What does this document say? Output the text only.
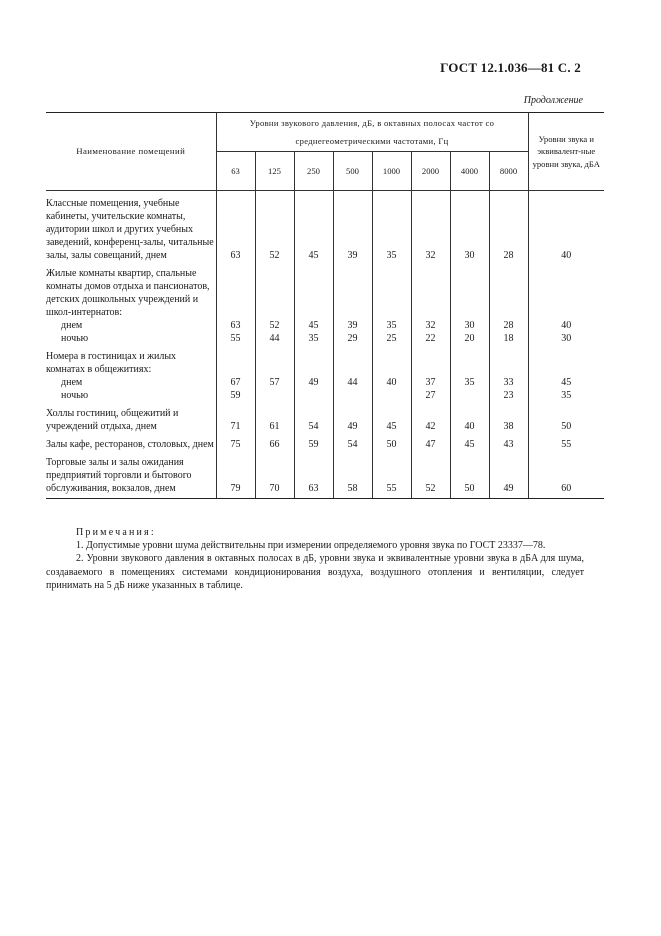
ГОСТ 12.1.036—81 С. 2
Продолжение
Наименование помещений	Уровни звукового давления, дБ, в октавных полосах частот со среднегеометрическими частотами, Гц								Уровни звука и эквивалент-ные уровни звука, дБA
	63	125	250	500	1000	2000	4000	8000	
Классные помещения, учебные кабинеты, учительские комнаты, аудитории школ и других учебных заведений, конференц-залы, читальные залы, залы совещаний, днем	63	52	45	39	35	32	30	28	40
Жилые комнаты квартир, спальные комнаты домов отдыха и пансионатов, детских дошкольных учреждений и школ-интернатов:									
днем	63	52	45	39	35	32	30	28	40
ночью	55	44	35	29	25	22	20	18	30
Номера в гостиницах и жилых комнатах в общежитиях:									
днем	67	57	49	44	40	37	35	33	45
ночью	59					27		23	35
Холлы гостиниц, общежитий и учреждений отдыха, днем	71	61	54	49	45	42	40	38	50
Залы кафе, ресторанов, столовых, днем	75	66	59	54	50	47	45	43	55
Торговые залы и залы ожидания предприятий торговли и бытового обслуживания, вокзалов, днем	79	70	63	58	55	52	50	49	60
Примечания:

1. Допустимые уровни шума действительны при измерении определяемого уровня звука по ГОСТ 23337—78.

2. Уровни звукового давления в октавных полосах в дБ, уровни звука и эквивалентные уровни звука в дБA для шума, создаваемого в помещениях системами кондиционирования воздуха, воздушного отопления и вентиляции, следует принимать на 5 дБ ниже указанных в таблице.
